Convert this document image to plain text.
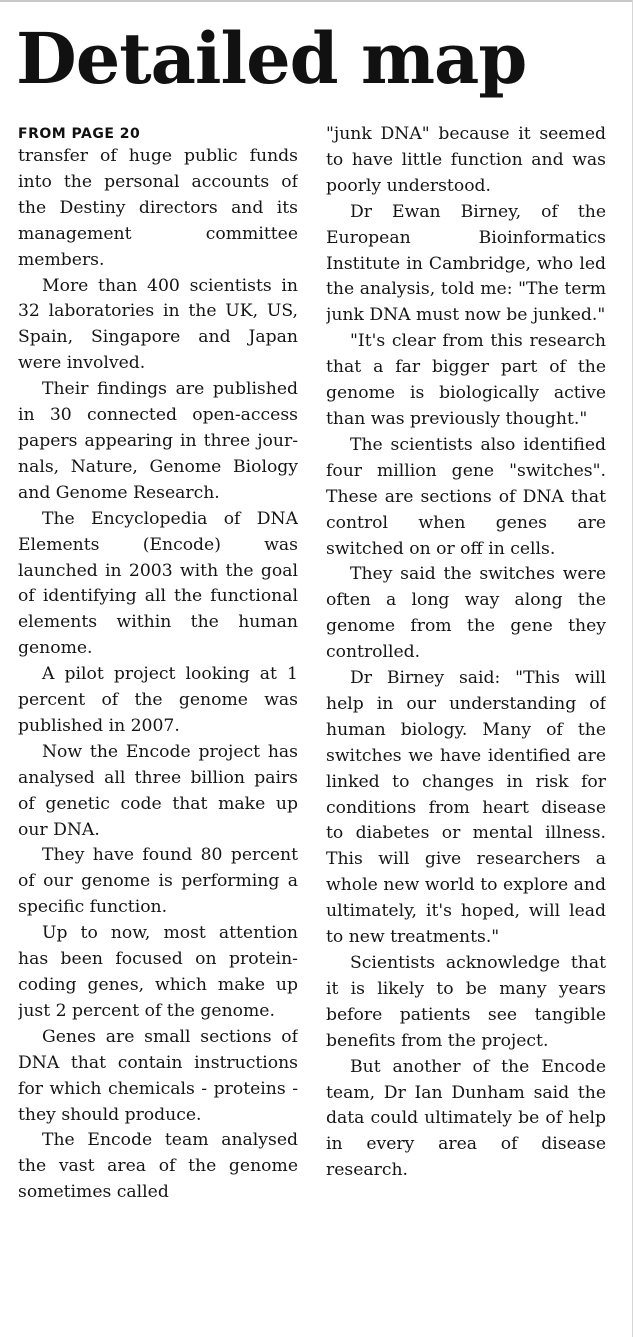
Detailed map
FROM PAGE 20

transfer of huge public funds into the personal accounts of the Destiny directors and its management committee members.

More than 400 scientists in 32 laboratories in the UK, US, Spain, Singapore and Japan were involved.

Their findings are published in 30 connected open-access papers appearing in three journals, Nature, Genome Biology and Genome Research.

The Encyclopedia of DNA Elements (Encode) was launched in 2003 with the goal of identifying all the functional elements within the human genome.

A pilot project looking at 1 percent of the genome was published in 2007.

Now the Encode project has analysed all three billion pairs of genetic code that make up our DNA.

They have found 80 percent of our genome is performing a specific function.

Up to now, most attention has been focused on protein-coding genes, which make up just 2 percent of the genome.

Genes are small sections of DNA that contain instructions for which chemicals - proteins - they should produce.

The Encode team analysed the vast area of the genome sometimes called

"junk DNA" because it seemed to have little function and was poorly understood.

Dr Ewan Birney, of the European Bioinformatics Institute in Cambridge, who led the analysis, told me: "The term junk DNA must now be junked."

"It's clear from this research that a far bigger part of the genome is biologically active than was previously thought."

The scientists also identified four million gene "switches". These are sections of DNA that control when genes are switched on or off in cells.

They said the switches were often a long way along the genome from the gene they controlled.

Dr Birney said: "This will help in our understanding of human biology. Many of the switches we have identified are linked to changes in risk for conditions from heart disease to diabetes or mental illness. This will give researchers a whole new world to explore and ultimately, it's hoped, will lead to new treatments."

Scientists acknowledge that it is likely to be many years before patients see tangible benefits from the project.

But another of the Encode team, Dr Ian Dunham said the data could ultimately be of help in every area of disease research.
